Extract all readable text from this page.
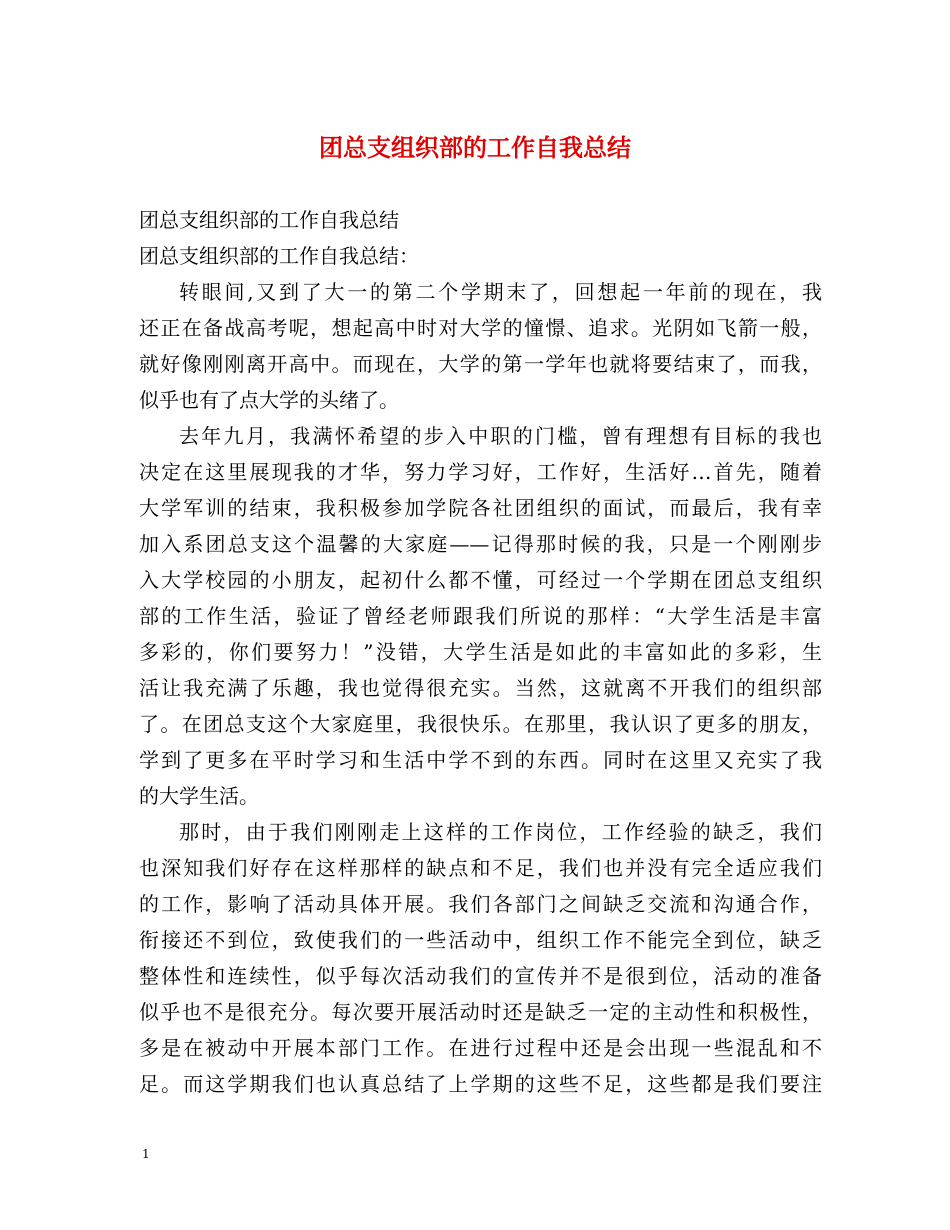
团总支组织部的工作自我总结
团总支组织部的工作自我总结
团总支组织部的工作自我总结：
转眼间,又到了大一的第二个学期末了，回想起一年前的现在，我
还正在备战高考呢，想起高中时对大学的憧憬、追求。光阴如飞箭一般，
就好像刚刚离开高中。而现在，大学的第一学年也就将要结束了，而我，
似乎也有了点大学的头绪了。
去年九月，我满怀希望的步入中职的门槛，曾有理想有目标的我也
决定在这里展现我的才华，努力学习好，工作好，生活好…首先，随着
大学军训的结束，我积极参加学院各社团组织的面试，而最后，我有幸
加入系团总支这个温馨的大家庭——记得那时候的我，只是一个刚刚步
入大学校园的小朋友，起初什么都不懂，可经过一个学期在团总支组织
部的工作生活，验证了曾经老师跟我们所说的那样：“大学生活是丰富
多彩的，你们要努力！”没错，大学生活是如此的丰富如此的多彩，生
活让我充满了乐趣，我也觉得很充实。当然，这就离不开我们的组织部
了。在团总支这个大家庭里，我很快乐。在那里，我认识了更多的朋友，
学到了更多在平时学习和生活中学不到的东西。同时在这里又充实了我
的大学生活。
那时，由于我们刚刚走上这样的工作岗位，工作经验的缺乏，我们
也深知我们好存在这样那样的缺点和不足，我们也并没有完全适应我们
的工作，影响了活动具体开展。我们各部门之间缺乏交流和沟通合作，
衔接还不到位，致使我们的一些活动中，组织工作不能完全到位，缺乏
整体性和连续性，似乎每次活动我们的宣传并不是很到位，活动的准备
似乎也不是很充分。每次要开展活动时还是缺乏一定的主动性和积极性，
多是在被动中开展本部门工作。在进行过程中还是会出现一些混乱和不
足。而这学期我们也认真总结了上学期的这些不足，这些都是我们要注
1
